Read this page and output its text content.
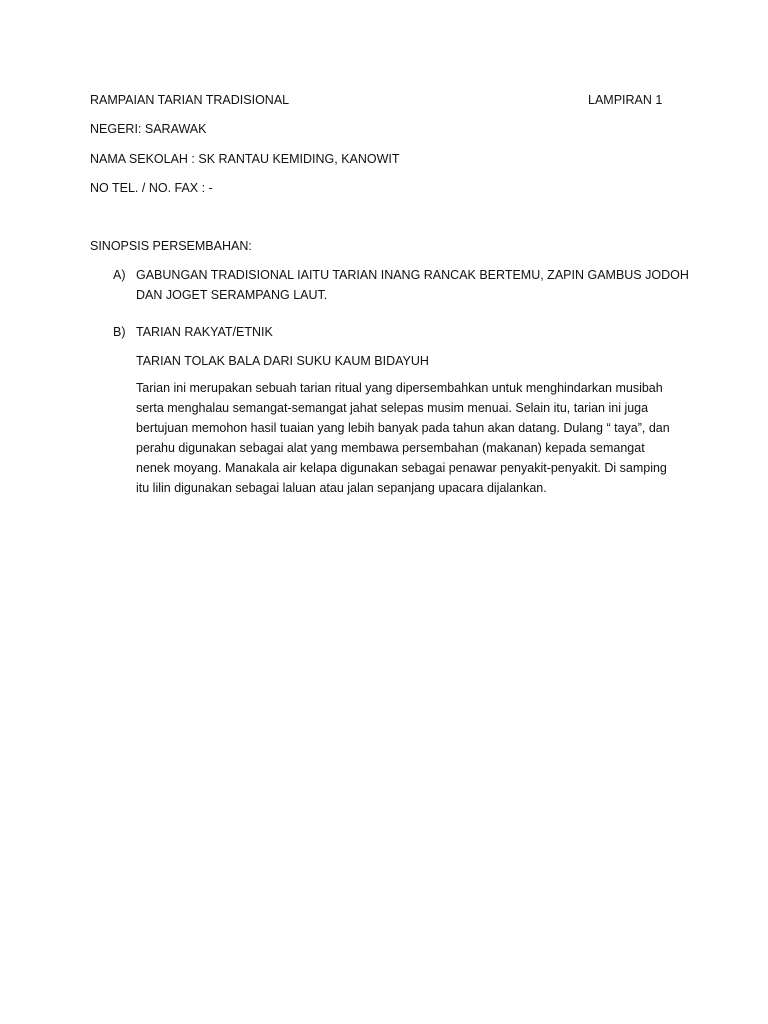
RAMPAIAN TARIAN TRADISIONAL	LAMPIRAN 1
NEGERI: SARAWAK
NAMA SEKOLAH : SK RANTAU KEMIDING, KANOWIT
NO TEL. / NO. FAX : -
SINOPSIS PERSEMBAHAN:
A) GABUNGAN TRADISIONAL IAITU TARIAN INANG RANCAK BERTEMU, ZAPIN GAMBUS JODOH
DAN JOGET SERAMPANG LAUT.
B) TARIAN RAKYAT/ETNIK
TARIAN TOLAK BALA DARI SUKU KAUM BIDAYUH
Tarian ini merupakan sebuah tarian ritual yang dipersembahkan untuk menghindarkan musibah
serta menghalau semangat-semangat jahat selepas musim menuai. Selain itu, tarian ini juga
bertujuan memohon hasil tuaian yang lebih banyak pada tahun akan datang. Dulang “ taya”, dan
perahu digunakan sebagai alat yang membawa persembahan (makanan) kepada semangat
nenek moyang. Manakala air kelapa digunakan sebagai penawar penyakit-penyakit. Di samping
itu lilin digunakan sebagai laluan atau jalan sepanjang upacara dijalankan.
